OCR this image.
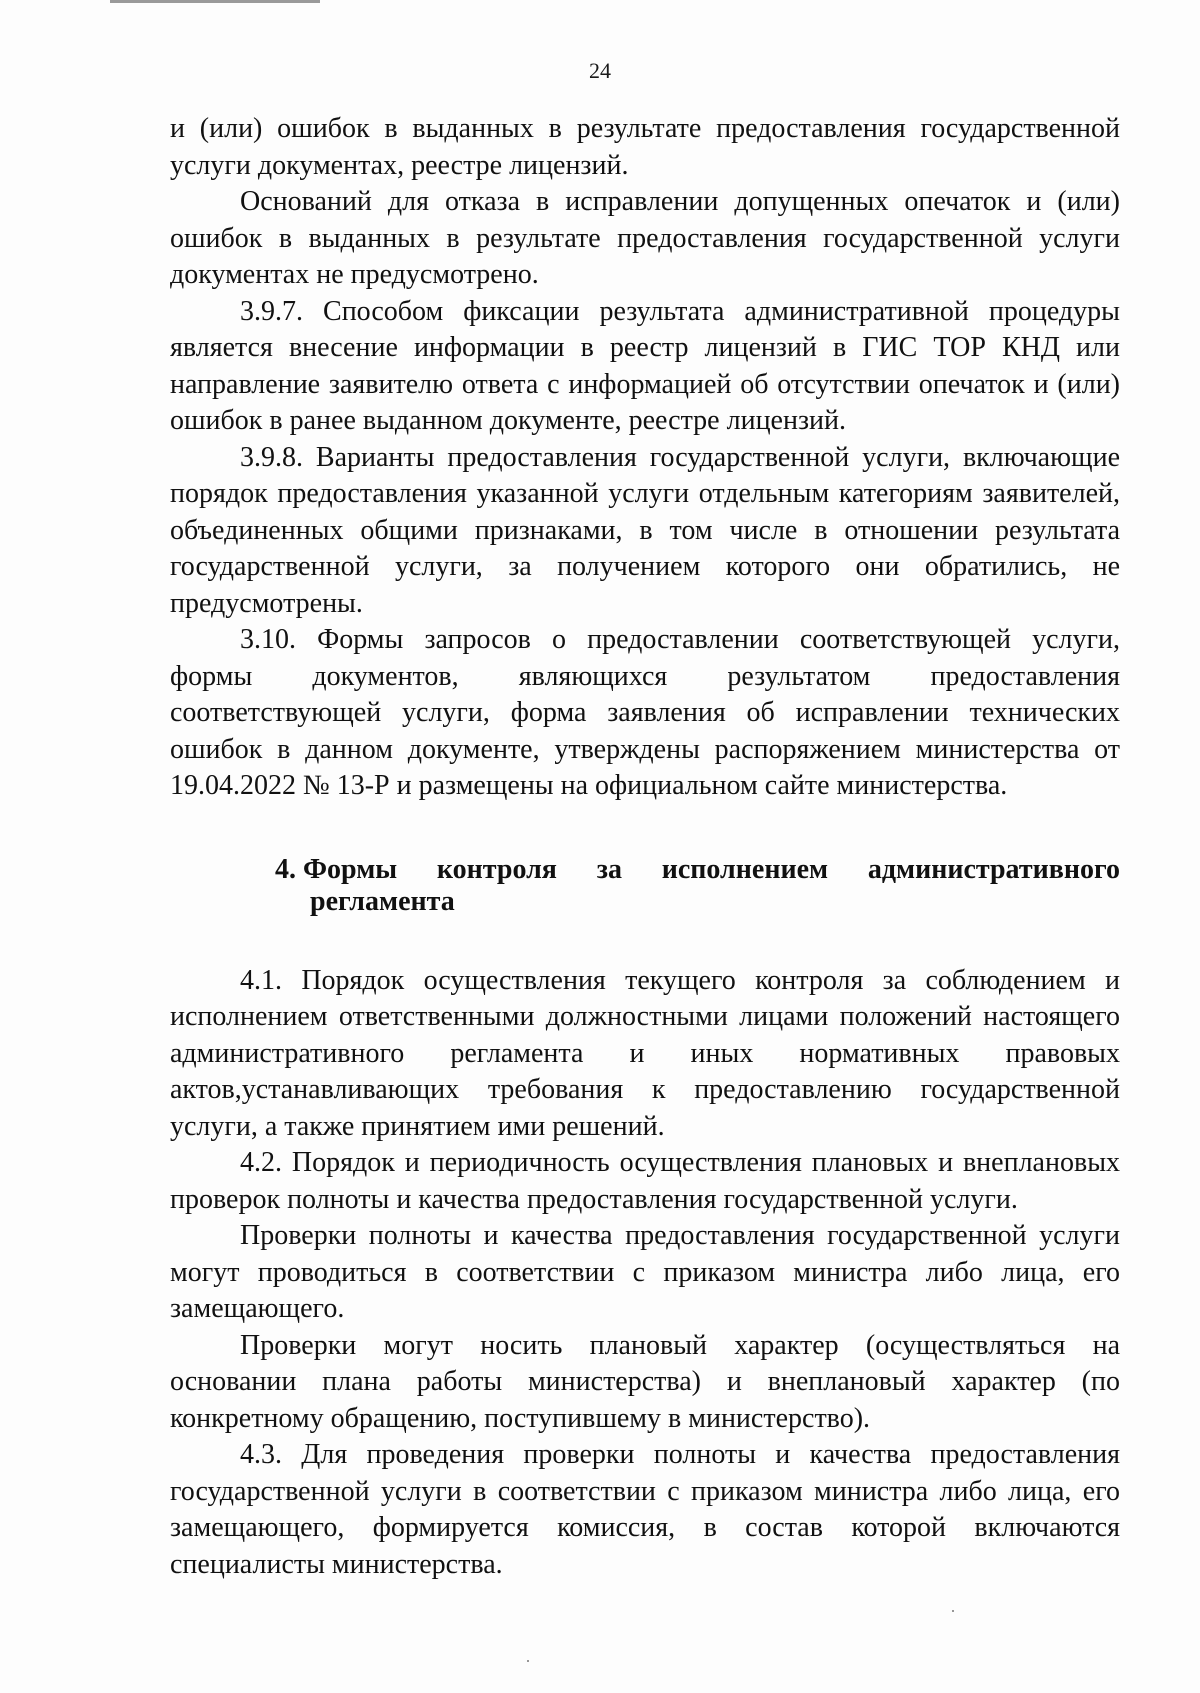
24

и (или) ошибок в выданных в результате предоставления государственной услуги документах, реестре лицензий.

Оснований для отказа в исправлении допущенных опечаток и (или) ошибок в выданных в результате предоставления государственной услуги документах не предусмотрено.

3.9.7. Способом фиксации результата административной процедуры является внесение информации в реестр лицензий в ГИС ТОР КНД или направление заявителю ответа с информацией об отсутствии опечаток и (или) ошибок в ранее выданном документе, реестре лицензий.

3.9.8. Варианты предоставления государственной услуги, включающие порядок предоставления указанной услуги отдельным категориям заявителей, объединенных общими признаками, в том числе в отношении результата государственной услуги, за получением которого они обратились, не предусмотрены.

3.10. Формы запросов о предоставлении соответствующей услуги, формы документов, являющихся результатом предоставления соответствующей услуги, форма заявления об исправлении технических ошибок в данном документе, утверждены распоряжением министерства от 19.04.2022 № 13-Р и размещены на официальном сайте министерства.

4. Формы контроля за исполнением административного
регламента

4.1. Порядок осуществления текущего контроля за соблюдением и исполнением ответственными должностными лицами положений настоящего административного регламента и иных нормативных правовых актов,устанавливающих требования к предоставлению государственной услуги, а также принятием ими решений.

4.2. Порядок и периодичность осуществления плановых и внеплановых проверок полноты и качества предоставления государственной услуги.

Проверки полноты и качества предоставления государственной услуги могут проводиться в соответствии с приказом министра либо лица, его замещающего.

Проверки могут носить плановый характер (осуществляться на основании плана работы министерства) и внеплановый характер (по конкретному обращению, поступившему в министерство).

4.3. Для проведения проверки полноты и качества предоставления государственной услуги в соответствии с приказом министра либо лица, его замещающего, формируется комиссия, в состав которой включаются специалисты министерства.
